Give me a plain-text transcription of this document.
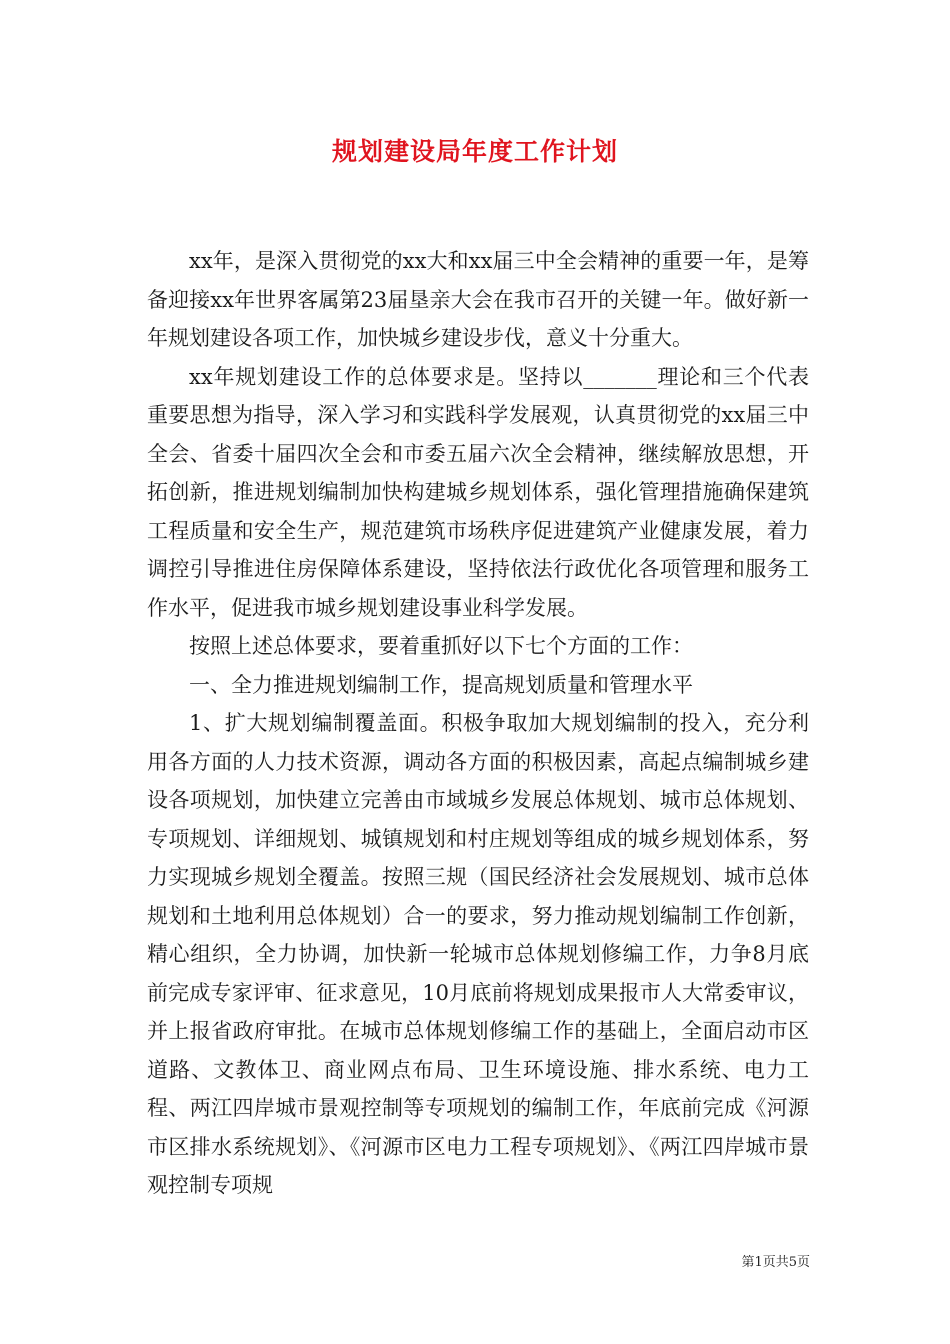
规划建设局年度工作计划

xx年，是深入贯彻党的xx大和xx届三中全会精神的重要一年，是筹备迎接xx年世界客属第23届垦亲大会在我市召开的关键一年。做好新一年规划建设各项工作，加快城乡建设步伐，意义十分重大。

xx年规划建设工作的总体要求是。坚持以_______理论和三个代表重要思想为指导，深入学习和实践科学发展观，认真贯彻党的xx届三中全会、省委十届四次全会和市委五届六次全会精神，继续解放思想，开拓创新，推进规划编制加快构建城乡规划体系，强化管理措施确保建筑工程质量和安全生产，规范建筑市场秩序促进建筑产业健康发展，着力调控引导推进住房保障体系建设，坚持依法行政优化各项管理和服务工作水平，促进我市城乡规划建设事业科学发展。

按照上述总体要求，要着重抓好以下七个方面的工作：

一、全力推进规划编制工作，提高规划质量和管理水平

1、扩大规划编制覆盖面。积极争取加大规划编制的投入，充分利用各方面的人力技术资源，调动各方面的积极因素，高起点编制城乡建设各项规划，加快建立完善由市域城乡发展总体规划、城市总体规划、专项规划、详细规划、城镇规划和村庄规划等组成的城乡规划体系，努力实现城乡规划全覆盖。按照三规（国民经济社会发展规划、城市总体规划和土地利用总体规划）合一的要求，努力推动规划编制工作创新，精心组织，全力协调，加快新一轮城市总体规划修编工作，力争8月底前完成专家评审、征求意见，10月底前将规划成果报市人大常委审议，并上报省政府审批。在城市总体规划修编工作的基础上，全面启动市区道路、文教体卫、商业网点布局、卫生环境设施、排水系统、电力工程、两江四岸城市景观控制等专项规划的编制工作，年底前完成《河源市区排水系统规划》、《河源市区电力工程专项规划》、《两江四岸城市景观控制专项规

第1页共5页
